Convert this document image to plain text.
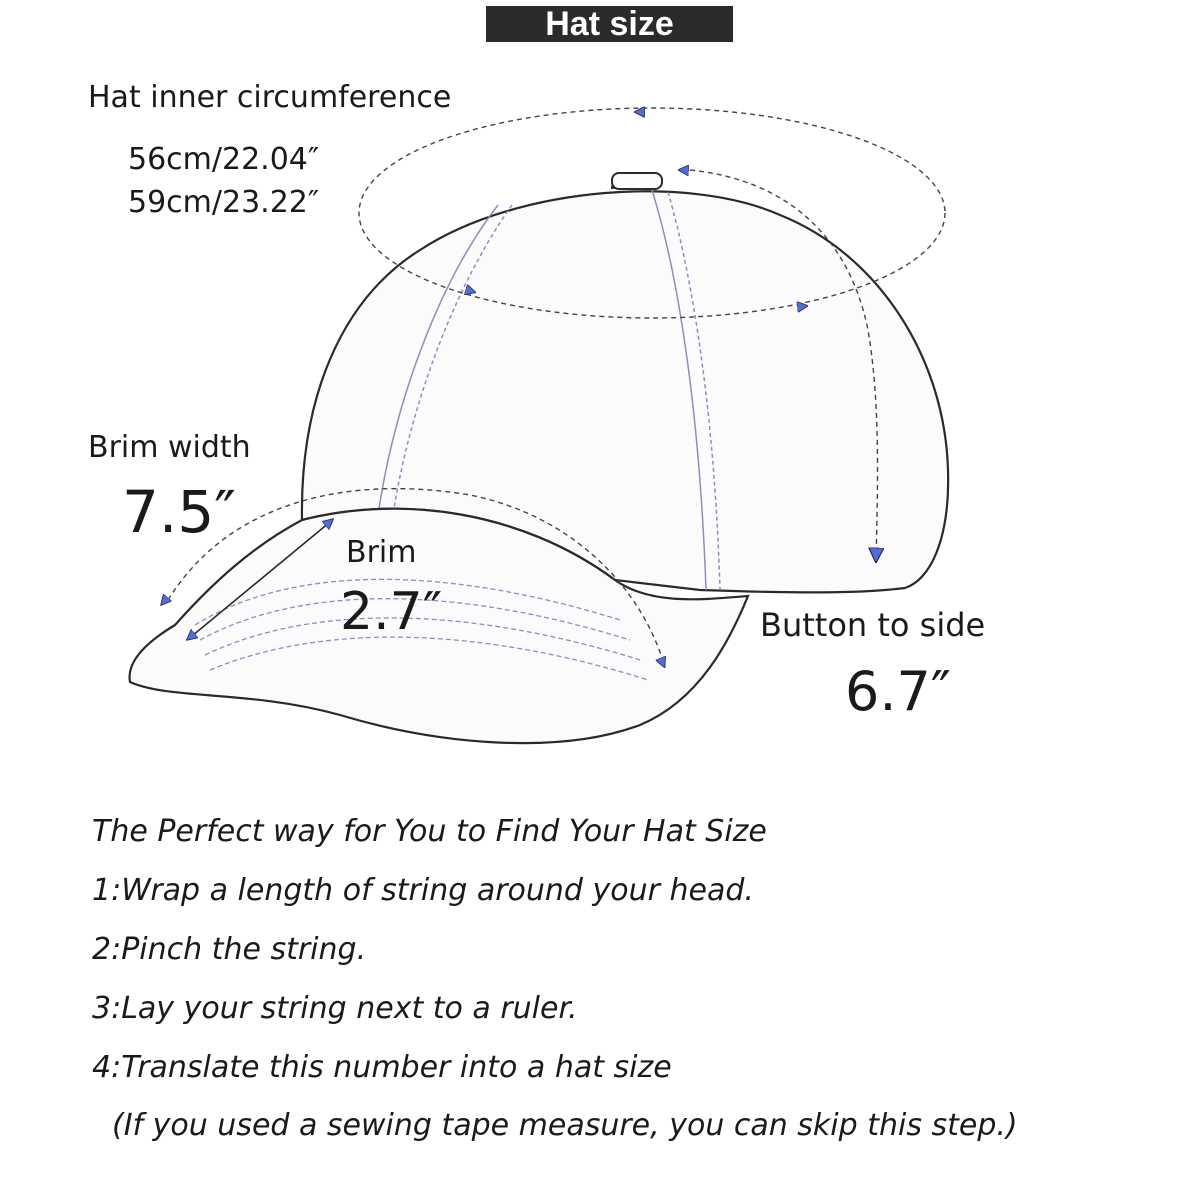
Hat size
Hat inner circumference
56cm/22.04″
59cm/23.22″
Brim width
7.5″
Brim
2.7″	Button to side
6.7″
The Perfect way for You to Find Your Hat Size
1:Wrap a length of string around your head.
2:Pinch the string.
3:Lay your string next to a ruler.
4:Translate this number into a hat size
(If you used a sewing tape measure, you can skip this step.)
